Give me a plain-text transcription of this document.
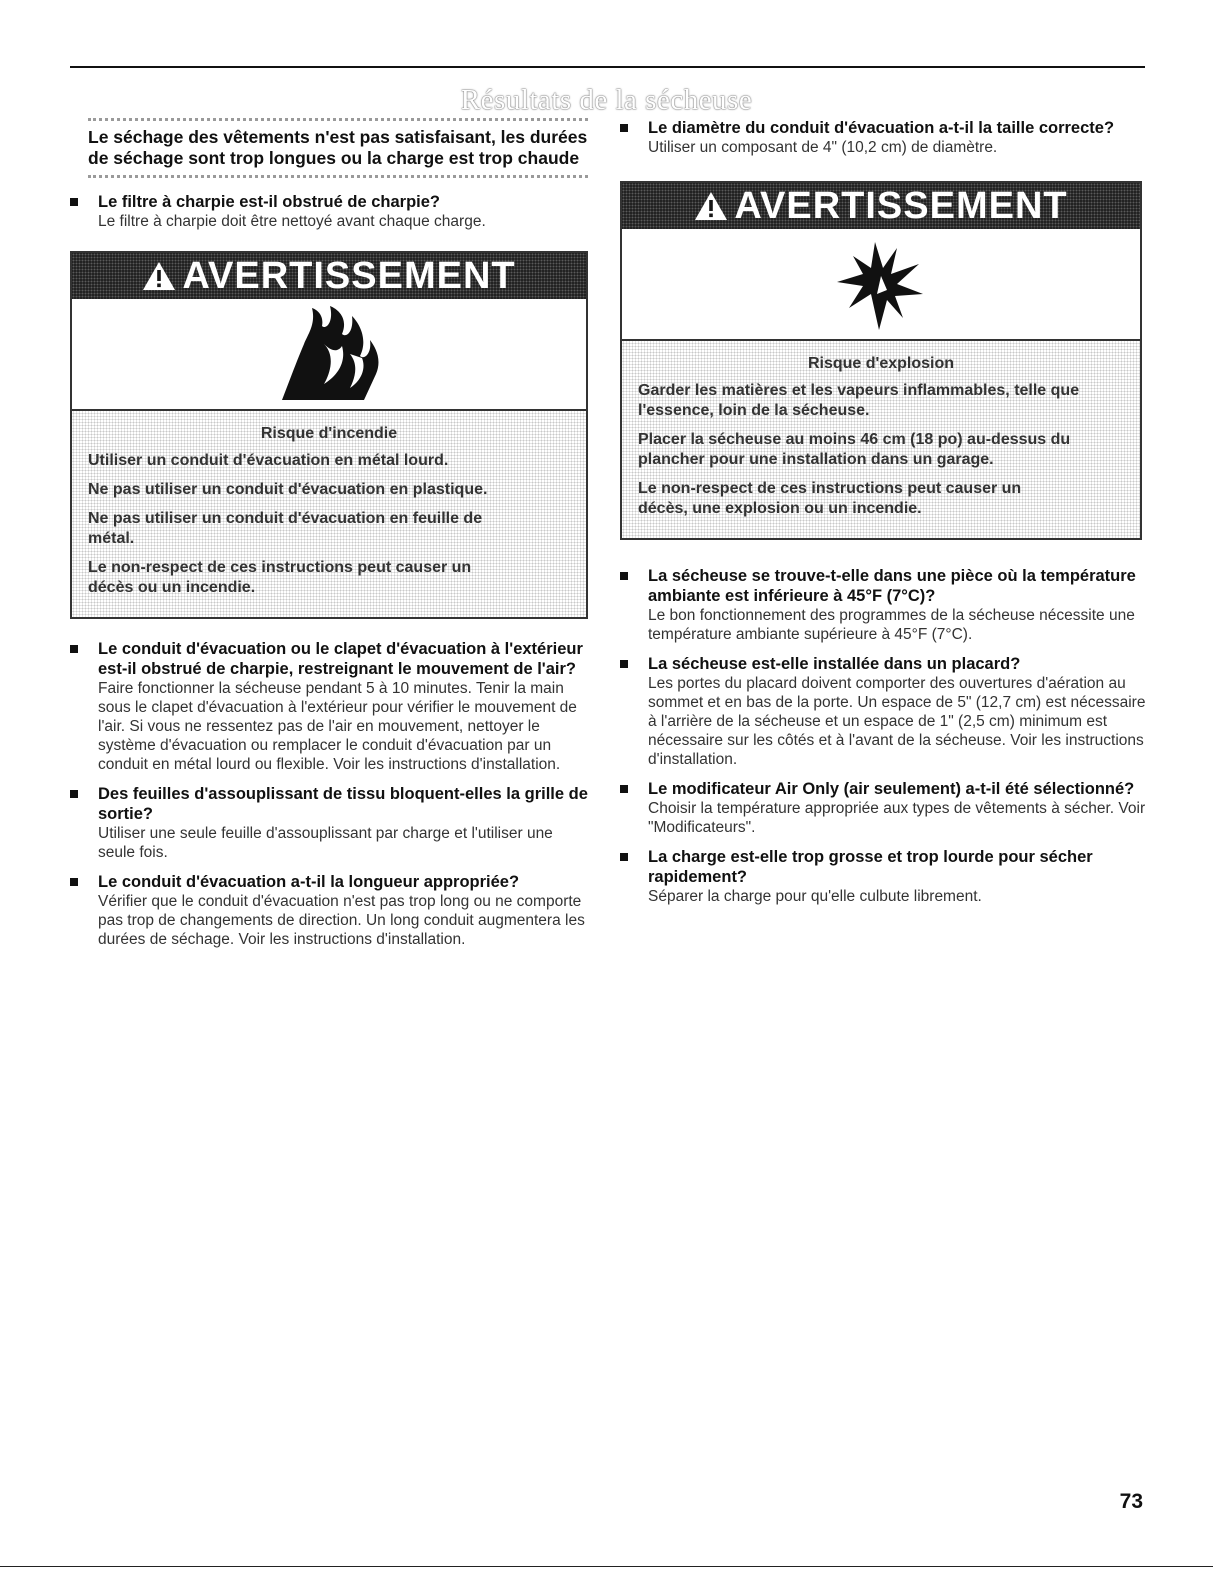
Résultats de la sécheuse
Le séchage des vêtements n'est pas satisfaisant, les durées de séchage sont trop longues ou la charge est trop chaude
Le filtre à charpie est-il obstrué de charpie?
Le filtre à charpie doit être nettoyé avant chaque charge.
AVERTISSEMENT
Risque d'incendie
Utiliser un conduit d'évacuation en métal lourd.
Ne pas utiliser un conduit d'évacuation en plastique.
Ne pas utiliser un conduit d'évacuation en feuille de métal.
Le non-respect de ces instructions peut causer un décès ou un incendie.
Le conduit d'évacuation ou le clapet d'évacuation à l'extérieur est-il obstrué de charpie, restreignant le mouvement de l'air?
Faire fonctionner la sécheuse pendant 5 à 10 minutes. Tenir la main sous le clapet d'évacuation à l'extérieur pour vérifier le mouvement de l'air. Si vous ne ressentez pas de l'air en mouvement, nettoyer le système d'évacuation ou remplacer le conduit d'évacuation par un conduit en métal lourd ou flexible. Voir les instructions d'installation.
Des feuilles d'assouplissant de tissu bloquent-elles la grille de sortie?
Utiliser une seule feuille d'assouplissant par charge et l'utiliser une seule fois.
Le conduit d'évacuation a-t-il la longueur appropriée?
Vérifier que le conduit d'évacuation n'est pas trop long ou ne comporte pas trop de changements de direction. Un long conduit augmentera les durées de séchage. Voir les instructions d'installation.
Le diamètre du conduit d'évacuation a-t-il la taille correcte?
Utiliser un composant de 4" (10,2 cm) de diamètre.
AVERTISSEMENT
Risque d'explosion
Garder les matières et les vapeurs inflammables, telle que l'essence, loin de la sécheuse.
Placer la sécheuse au moins 46 cm (18 po) au-dessus du plancher pour une installation dans un garage.
Le non-respect de ces instructions peut causer un décès, une explosion ou un incendie.
La sécheuse se trouve-t-elle dans une pièce où la température ambiante est inférieure à 45°F (7°C)?
Le bon fonctionnement des programmes de la sécheuse nécessite une température ambiante supérieure à 45°F (7°C).
La sécheuse est-elle installée dans un placard?
Les portes du placard doivent comporter des ouvertures d'aération au sommet et en bas de la porte. Un espace de 5" (12,7 cm) est nécessaire à l'arrière de la sécheuse et un espace de 1" (2,5 cm) minimum est nécessaire sur les côtés et à l'avant de la sécheuse. Voir les instructions d'installation.
Le modificateur Air Only (air seulement) a-t-il été sélectionné?
Choisir la température appropriée aux types de vêtements à sécher. Voir "Modificateurs".
La charge est-elle trop grosse et trop lourde pour sécher rapidement?
Séparer la charge pour qu'elle culbute librement.
73
